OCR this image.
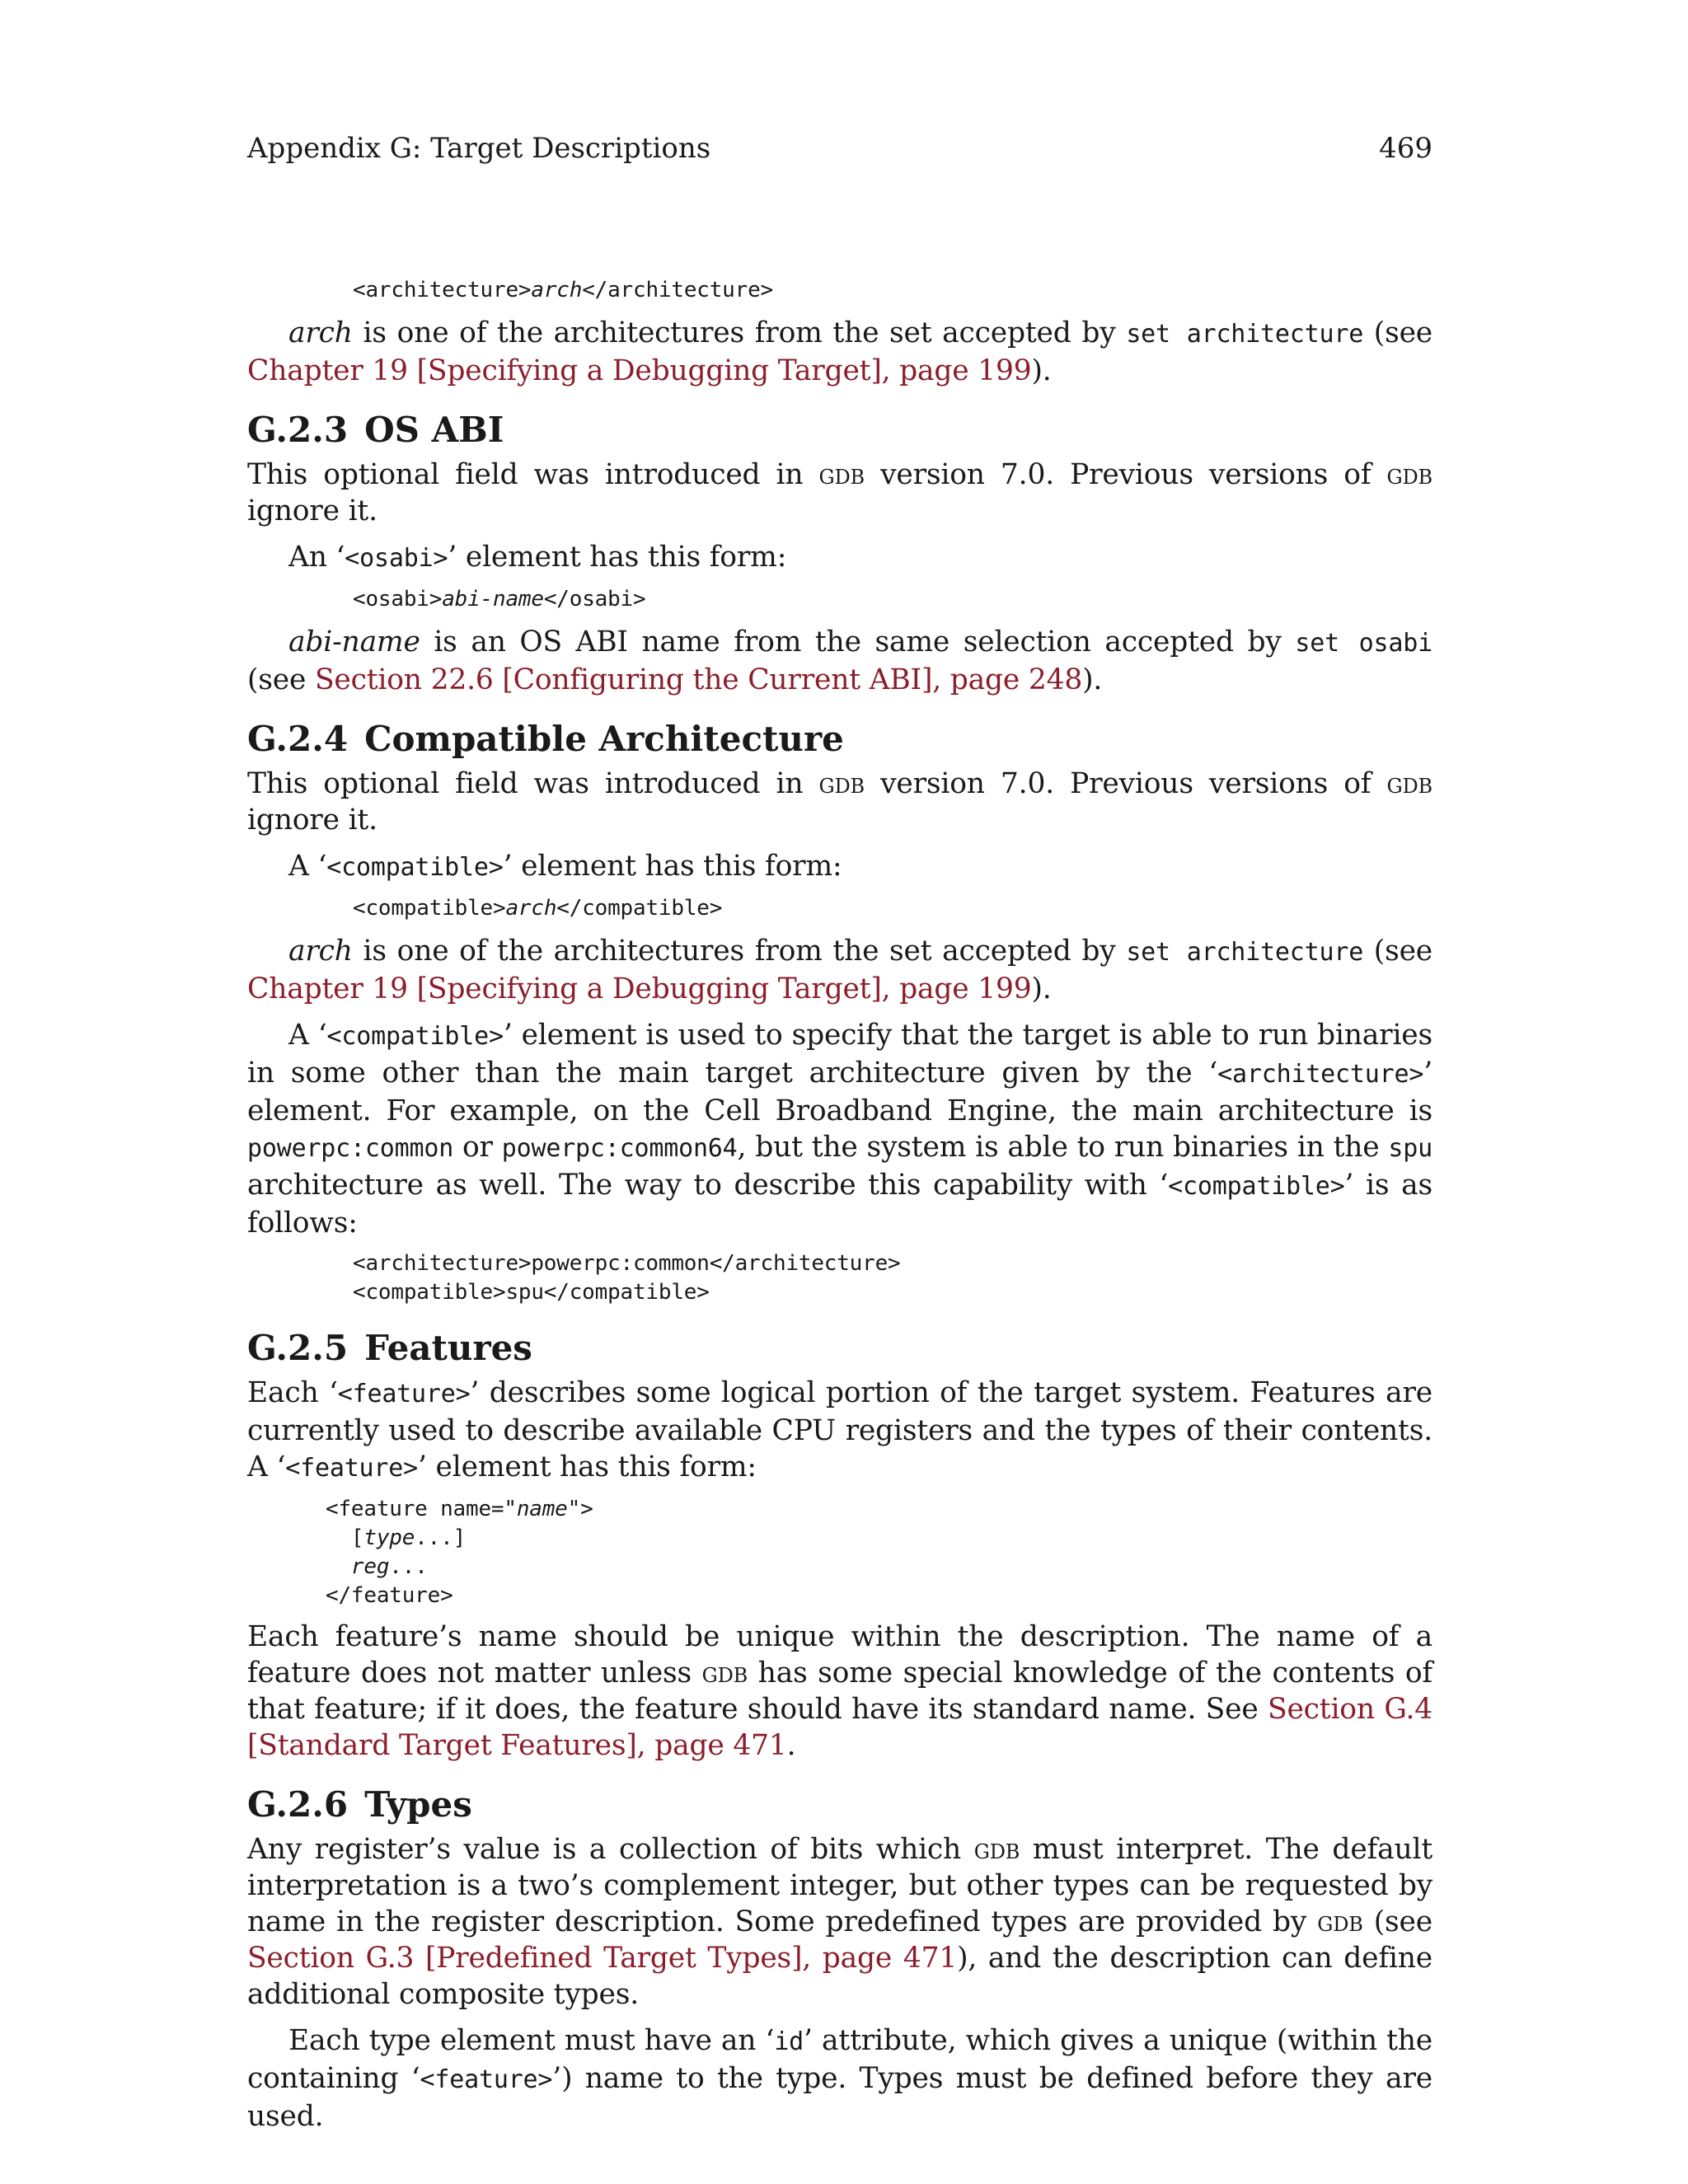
Appendix G: Target Descriptions	469
<architecture>arch</architecture>

arch is one of the architectures from the set accepted by set architecture (see Chapter 19 [Specifying a Debugging Target], page 199).

G.2.3 OS ABI

This optional field was introduced in gdb version 7.0. Previous versions of gdb ignore it.

An ‘<osabi>’ element has this form:

<osabi>abi-name</osabi>

abi-name is an OS ABI name from the same selection accepted by set osabi (see Section 22.6 [Configuring the Current ABI], page 248).

G.2.4 Compatible Architecture

This optional field was introduced in gdb version 7.0. Previous versions of gdb ignore it.

A ‘<compatible>’ element has this form:

<compatible>arch</compatible>

arch is one of the architectures from the set accepted by set architecture (see Chapter 19 [Specifying a Debugging Target], page 199).

A ‘<compatible>’ element is used to specify that the target is able to run binaries in some other than the main target architecture given by the ‘<architecture>’ element. For example, on the Cell Broadband Engine, the main architecture is powerpc:common or powerpc:common64, but the system is able to run binaries in the spu architecture as well. The way to describe this capability with ‘<compatible>’ is as follows:

<architecture>powerpc:common</architecture>
<compatible>spu</compatible>
G.2.5 Features

Each ‘<feature>’ describes some logical portion of the target system. Features are currently used to describe available CPU registers and the types of their contents. A ‘<feature>’ element has this form:

<feature name="name">
[type...]
reg...
</feature>

Each feature’s name should be unique within the description. The name of a feature does not matter unless gdb has some special knowledge of the contents of that feature; if it does, the feature should have its standard name. See Section G.4 [Standard Target Features], page 471.

G.2.6 Types

Any register’s value is a collection of bits which gdb must interpret. The default interpretation is a two’s complement integer, but other types can be requested by name in the register description. Some predefined types are provided by gdb (see Section G.3 [Predefined Target Types], page 471), and the description can define additional composite types.

Each type element must have an ‘id’ attribute, which gives a unique (within the containing ‘<feature>’) name to the type. Types must be defined before they are used.
